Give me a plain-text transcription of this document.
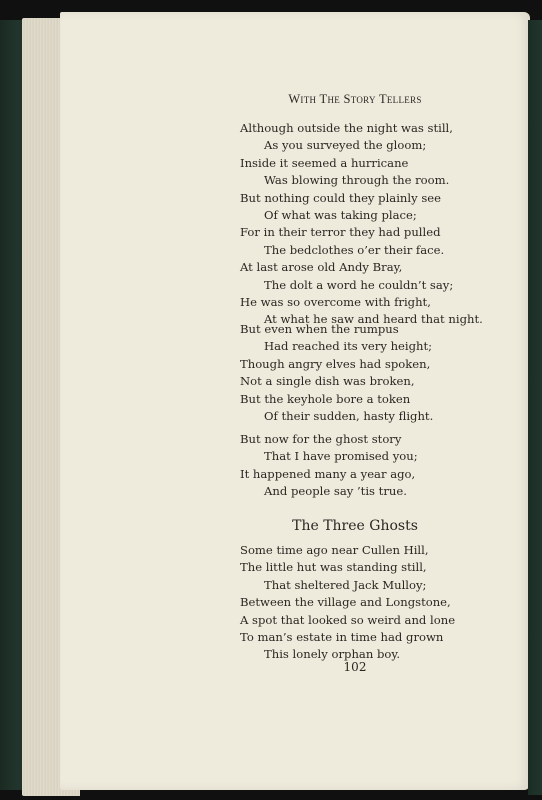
With The Story Tellers
Although outside the night was still,
As you surveyed the gloom;
Inside it seemed a hurricane
Was blowing through the room.
But nothing could they plainly see
Of what was taking place;
For in their terror they had pulled
The bedclothes o’er their face.
At last arose old Andy Bray,
The dolt a word he couldn’t say;
He was so overcome with fright,
At what he saw and heard that night.
But even when the rumpus
Had reached its very height;
Though angry elves had spoken,
Not a single dish was broken,
But the keyhole bore a token
Of their sudden, hasty flight.
But now for the ghost story
That I have promised you;
It happened many a year ago,
And people say ’tis true.
The Three Ghosts
Some time ago near Cullen Hill,
The little hut was standing still,
That sheltered Jack Mulloy;
Between the village and Longstone,
A spot that looked so weird and lone
To man’s estate in time had grown
This lonely orphan boy.
102
